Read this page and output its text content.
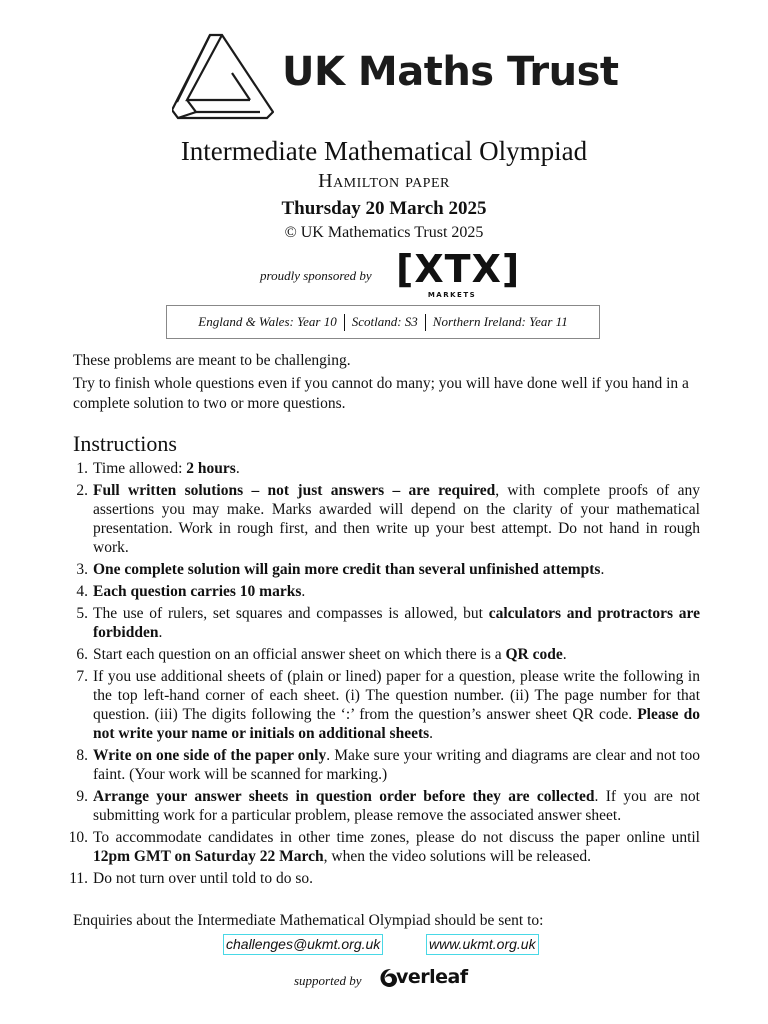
UK Maths Trust
Intermediate Mathematical Olympiad
Hamilton paper
Thursday 20 March 2025
© UK Mathematics Trust 2025
proudly sponsored by [XTX]
MARKETS
England & Wales: Year 10 Scotland: S3 Northern Ireland: Year 11
These problems are meant to be challenging.
Try to finish whole questions even if you cannot do many; you will have done well if you hand in a complete solution to two or more questions.
Instructions
1. Time allowed: 2 hours.
2. Full written solutions – not just answers – are required, with complete proofs of any assertions you may make. Marks awarded will depend on the clarity of your mathematical presentation. Work in rough first, and then write up your best attempt. Do not hand in rough work.
3. One complete solution will gain more credit than several unfinished attempts.
4. Each question carries 10 marks.
5. The use of rulers, set squares and compasses is allowed, but calculators and protractors are forbidden.
6. Start each question on an official answer sheet on which there is a QR code.
7. If you use additional sheets of (plain or lined) paper for a question, please write the following in the top left-hand corner of each sheet. (i) The question number. (ii) The page number for that question. (iii) The digits following the ‘:’ from the question’s answer sheet QR code. Please do not write your name or initials on additional sheets.
8. Write on one side of the paper only. Make sure your writing and diagrams are clear and not too faint. (Your work will be scanned for marking.)
9. Arrange your answer sheets in question order before they are collected. If you are not submitting work for a particular problem, please remove the associated answer sheet.
10. To accommodate candidates in other time zones, please do not discuss the paper online until 12pm GMT on Saturday 22 March, when the video solutions will be released.
11. Do not turn over until told to do so.
Enquiries about the Intermediate Mathematical Olympiad should be sent to:
challenges@ukmt.org.uk	www.ukmt.org.uk
supported by verleaf
